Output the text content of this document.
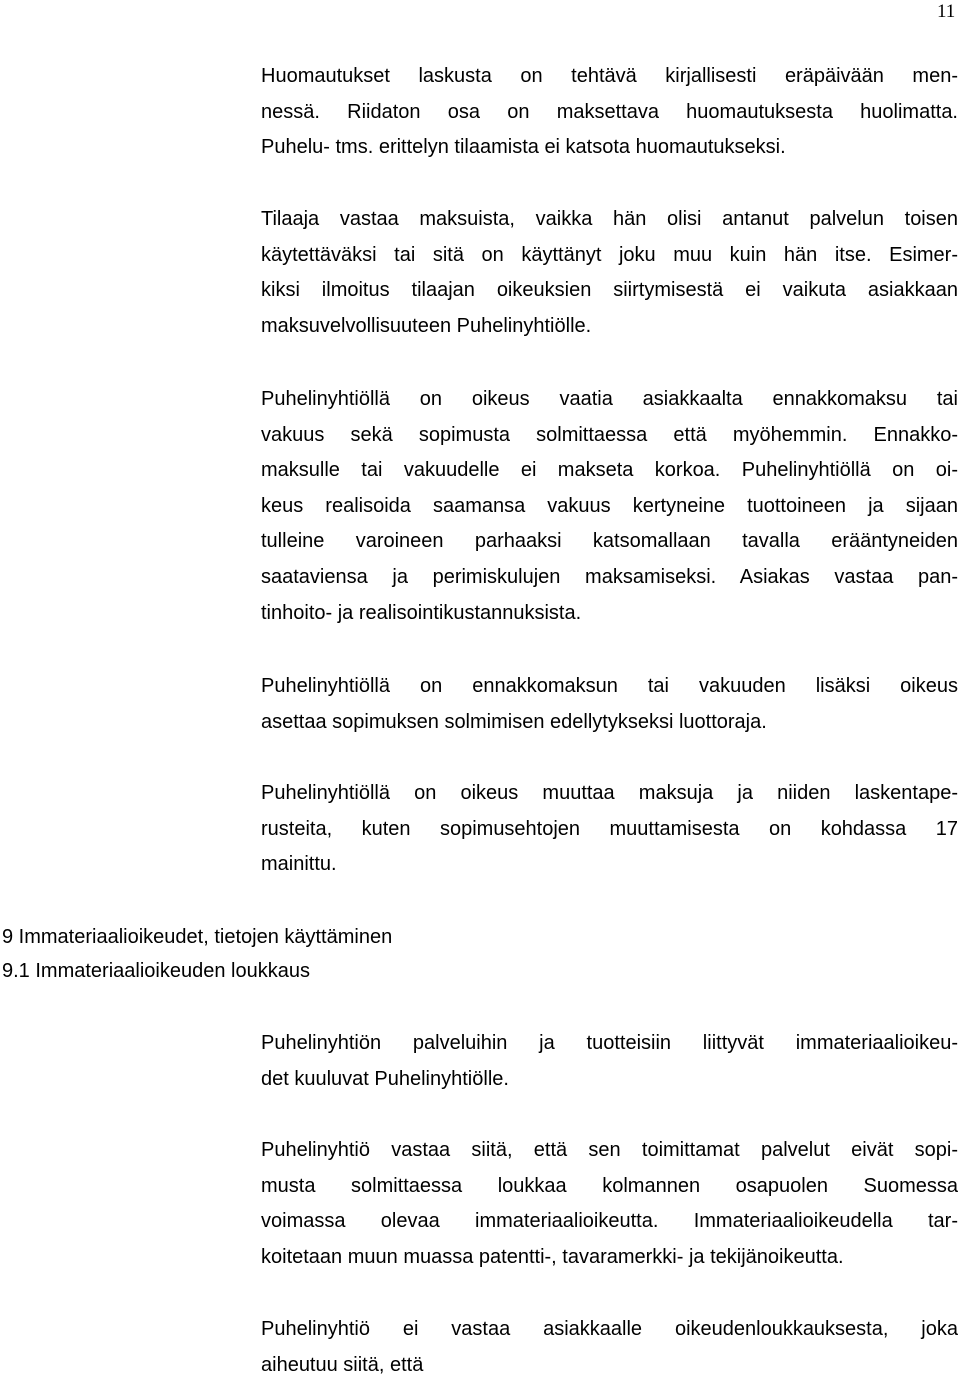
11

Huomautukset laskusta on tehtävä kirjallisesti eräpäivään men-
nessä. Riidaton osa on maksettava huomautuksesta huolimatta.
Puhelu- tms. erittelyn tilaamista ei katsota huomautukseksi.

Tilaaja vastaa maksuista, vaikka hän olisi antanut palvelun toisen
käytettäväksi tai sitä on käyttänyt joku muu kuin hän itse. Esimer-
kiksi ilmoitus tilaajan oikeuksien siirtymisestä ei vaikuta asiakkaan
maksuvelvollisuuteen Puhelinyhtiölle.

Puhelinyhtiöllä on oikeus vaatia asiakkaalta ennakkomaksu tai
vakuus sekä sopimusta solmittaessa että myöhemmin. Ennakko-
maksulle tai vakuudelle ei makseta korkoa. Puhelinyhtiöllä on oi-
keus realisoida saamansa vakuus kertyneine tuottoineen ja sijaan
tulleine varoineen parhaaksi katsomallaan tavalla erääntyneiden
saataviensa ja perimiskulujen maksamiseksi. Asiakas vastaa pan-
tinhoito- ja realisointikustannuksista.

Puhelinyhtiöllä on ennakkomaksun tai vakuuden lisäksi oikeus
asettaa sopimuksen solmimisen edellytykseksi luottoraja.

Puhelinyhtiöllä on oikeus muuttaa maksuja ja niiden laskentape-
rusteita, kuten sopimusehtojen muuttamisesta on kohdassa 17
mainittu.

9 Immateriaalioikeudet, tietojen käyttäminen
9.1 Immateriaalioikeuden loukkaus

Puhelinyhtiön palveluihin ja tuotteisiin liittyvät immateriaalioikeu-
det kuuluvat Puhelinyhtiölle.

Puhelinyhtiö vastaa siitä, että sen toimittamat palvelut eivät sopi-
musta solmittaessa loukkaa kolmannen osapuolen Suomessa
voimassa olevaa immateriaalioikeutta. Immateriaalioikeudella tar-
koitetaan muun muassa patentti-, tavaramerkki- ja tekijänoikeutta.

Puhelinyhtiö ei vastaa asiakkaalle oikeudenloukkauksesta, joka
aiheutuu siitä, että
